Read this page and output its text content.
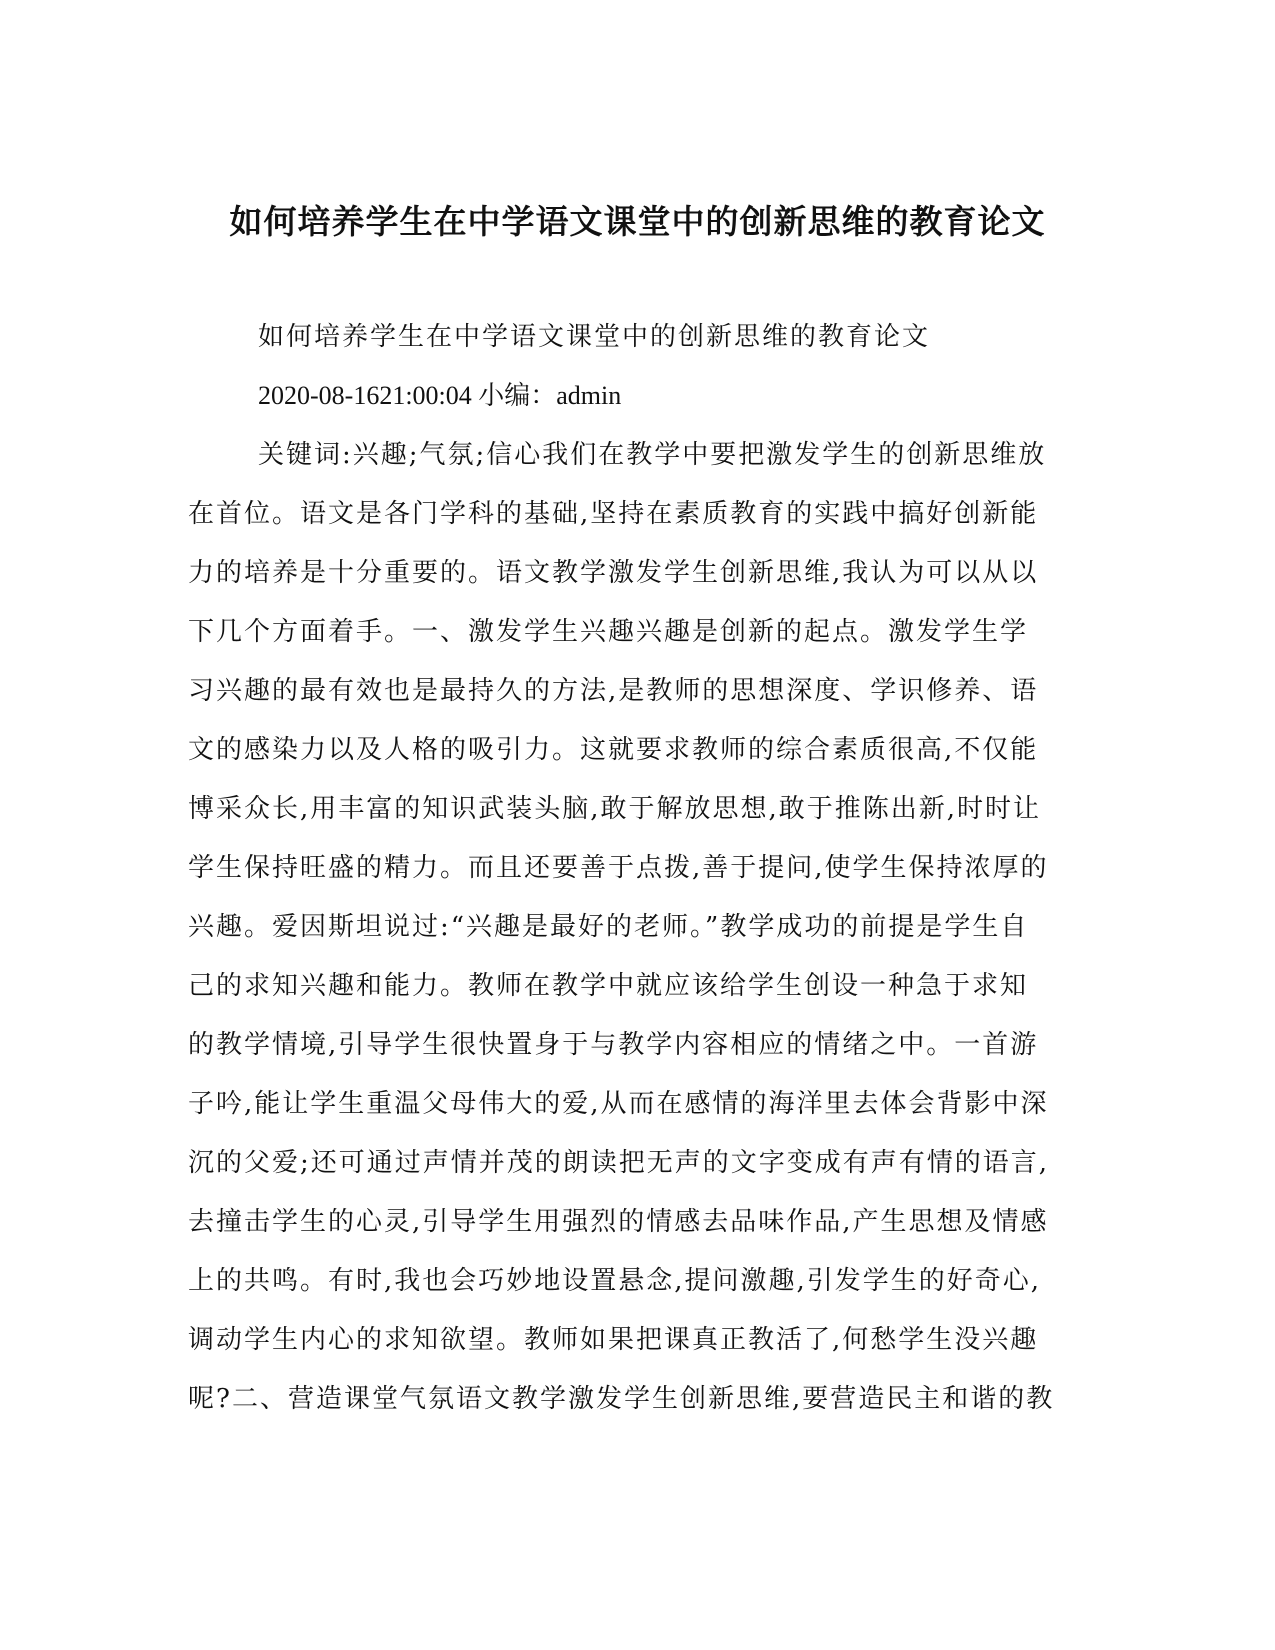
如何培养学生在中学语文课堂中的创新思维的教育论文
如何培养学生在中学语文课堂中的创新思维的教育论文
2020-08-1621:00:04 小编：admin
关键词:兴趣;气氛;信心我们在教学中要把激发学生的创新思维放
在首位。语文是各门学科的基础,坚持在素质教育的实践中搞好创新能
力的培养是十分重要的。语文教学激发学生创新思维,我认为可以从以
下几个方面着手。一、激发学生兴趣兴趣是创新的起点。激发学生学
习兴趣的最有效也是最持久的方法,是教师的思想深度、学识修养、语
文的感染力以及人格的吸引力。这就要求教师的综合素质很高,不仅能
博采众长,用丰富的知识武装头脑,敢于解放思想,敢于推陈出新,时时让
学生保持旺盛的精力。而且还要善于点拨,善于提问,使学生保持浓厚的
兴趣。爱因斯坦说过:“兴趣是最好的老师。”教学成功的前提是学生自
己的求知兴趣和能力。教师在教学中就应该给学生创设一种急于求知
的教学情境,引导学生很快置身于与教学内容相应的情绪之中。一首游
子吟,能让学生重温父母伟大的爱,从而在感情的海洋里去体会背影中深
沉的父爱;还可通过声情并茂的朗读把无声的文字变成有声有情的语言,
去撞击学生的心灵,引导学生用强烈的情感去品味作品,产生思想及情感
上的共鸣。有时,我也会巧妙地设置悬念,提问激趣,引发学生的好奇心,
调动学生内心的求知欲望。教师如果把课真正教活了,何愁学生没兴趣
呢?二、营造课堂气氛语文教学激发学生创新思维,要营造民主和谐的教
